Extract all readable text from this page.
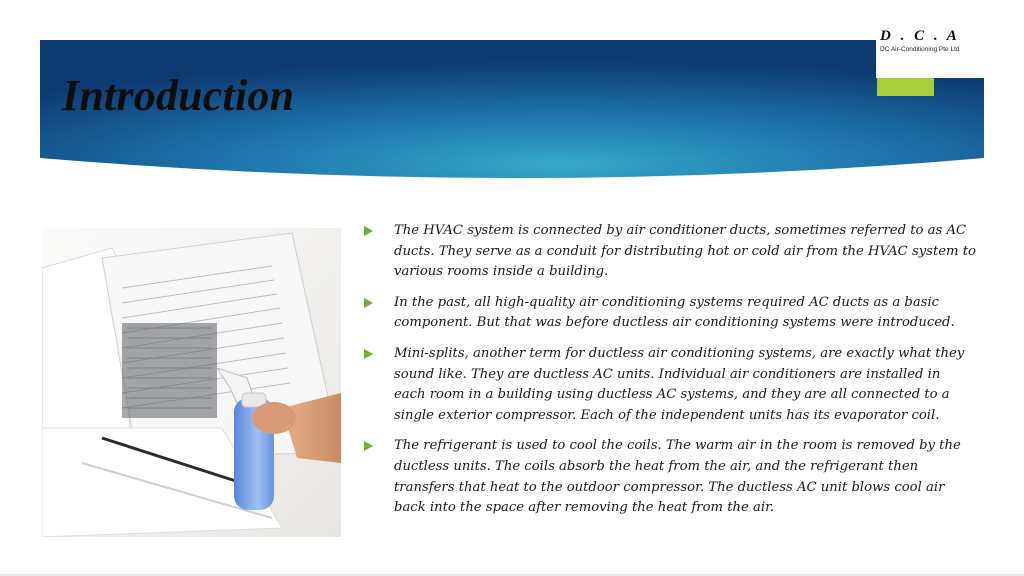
Introduction
D . C . A
DC Air-Conditioning Pte Ltd
The HVAC system is connected by air conditioner ducts, sometimes referred to as AC ducts. They serve as a conduit for distributing hot or cold air from the HVAC system to various rooms inside a building.
In the past, all high-quality air conditioning systems required AC ducts as a basic component. But that was before ductless air conditioning systems were introduced.
Mini-splits, another term for ductless air conditioning systems, are exactly what they sound like. They are ductless AC units. Individual air conditioners are installed in each room in a building using ductless AC systems, and they are all connected to a single exterior compressor. Each of the independent units has its evaporator coil.
The refrigerant is used to cool the coils. The warm air in the room is removed by the ductless units. The coils absorb the heat from the air, and the refrigerant then transfers that heat to the outdoor compressor. The ductless AC unit blows cool air back into the space after removing the heat from the air.
